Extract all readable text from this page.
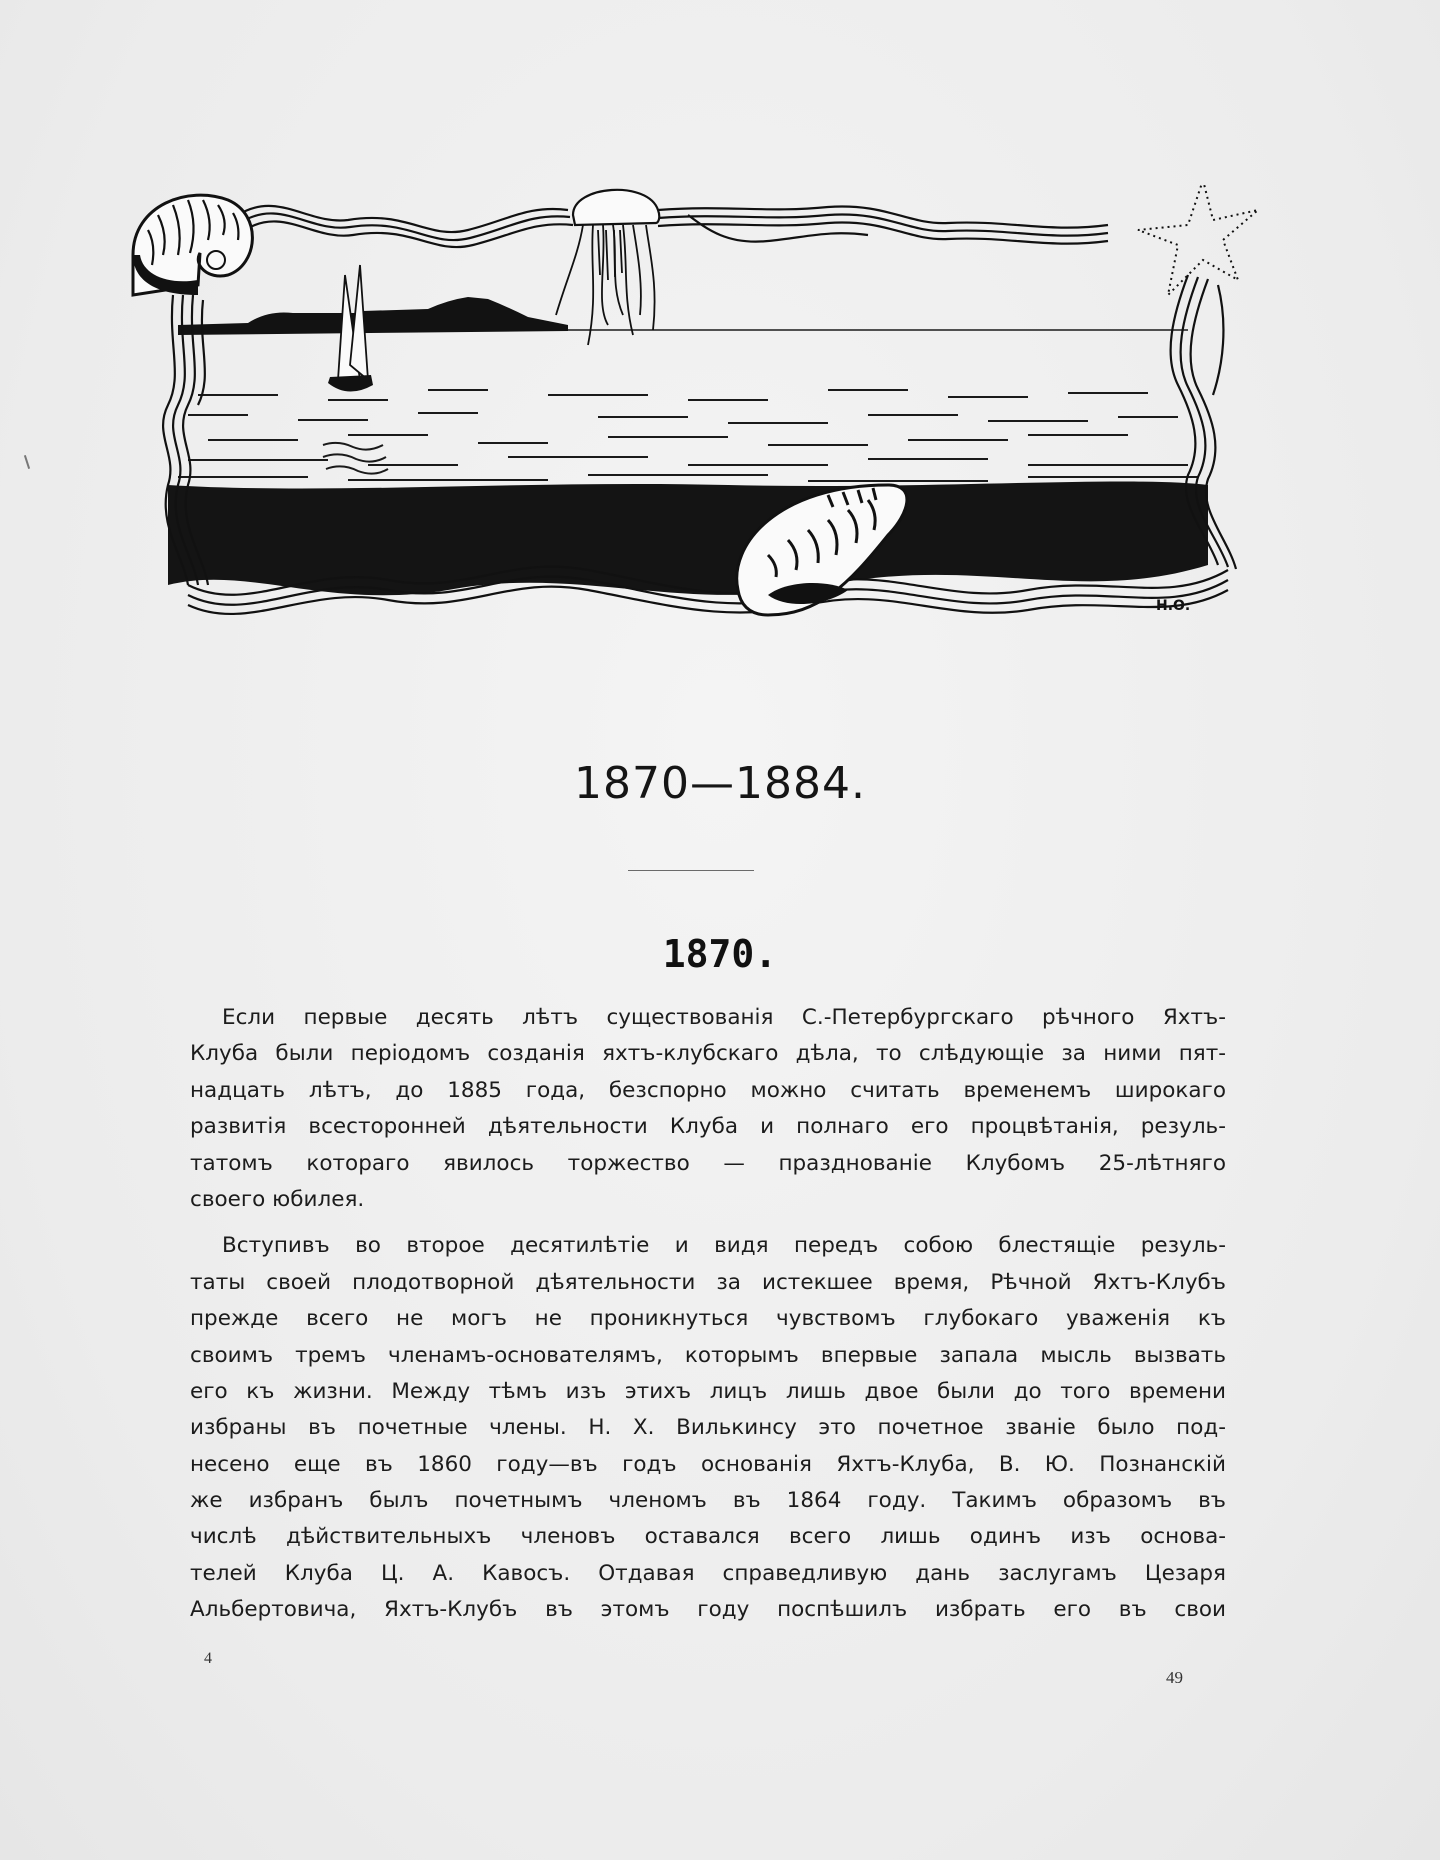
Н.О.
1870—1884.
1870.
Если первые десять лѣтъ существованія С.-Петербургскаго рѣчного Яхтъ-
Клуба были періодомъ созданія яхтъ-клубскаго дѣла, то слѣдующіе за ними пят-
надцать лѣтъ, до 1885 года, безспорно можно считать временемъ широкаго
развитія всесторонней дѣятельности Клуба и полнаго его процвѣтанія, резуль-
татомъ котораго явилось торжество — празднованіе Клубомъ 25-лѣтняго
своего юбилея.
Вступивъ во второе десятилѣтіе и видя передъ собою блестящіе резуль-
таты своей плодотворной дѣятельности за истекшее время, Рѣчной Яхтъ-Клубъ
прежде всего не могъ не проникнуться чувствомъ глубокаго уваженія къ
своимъ тремъ членамъ-основателямъ, которымъ впервые запала мысль вызвать
его къ жизни. Между тѣмъ изъ этихъ лицъ лишь двое были до того времени
избраны въ почетные члены. Н. Х. Вилькинсу это почетное званіе было под-
несено еще въ 1860 году—въ годъ основанія Яхтъ-Клуба, В. Ю. Познанскій
же избранъ былъ почетнымъ членомъ въ 1864 году. Такимъ образомъ въ
числѣ дѣйствительныхъ членовъ оставался всего лишь одинъ изъ основа-
телей Клуба Ц. А. Кавосъ. Отдавая справедливую дань заслугамъ Цезаря
Альбертовича, Яхтъ-Клубъ въ этомъ году поспѣшилъ избрать его въ свои
4
49
